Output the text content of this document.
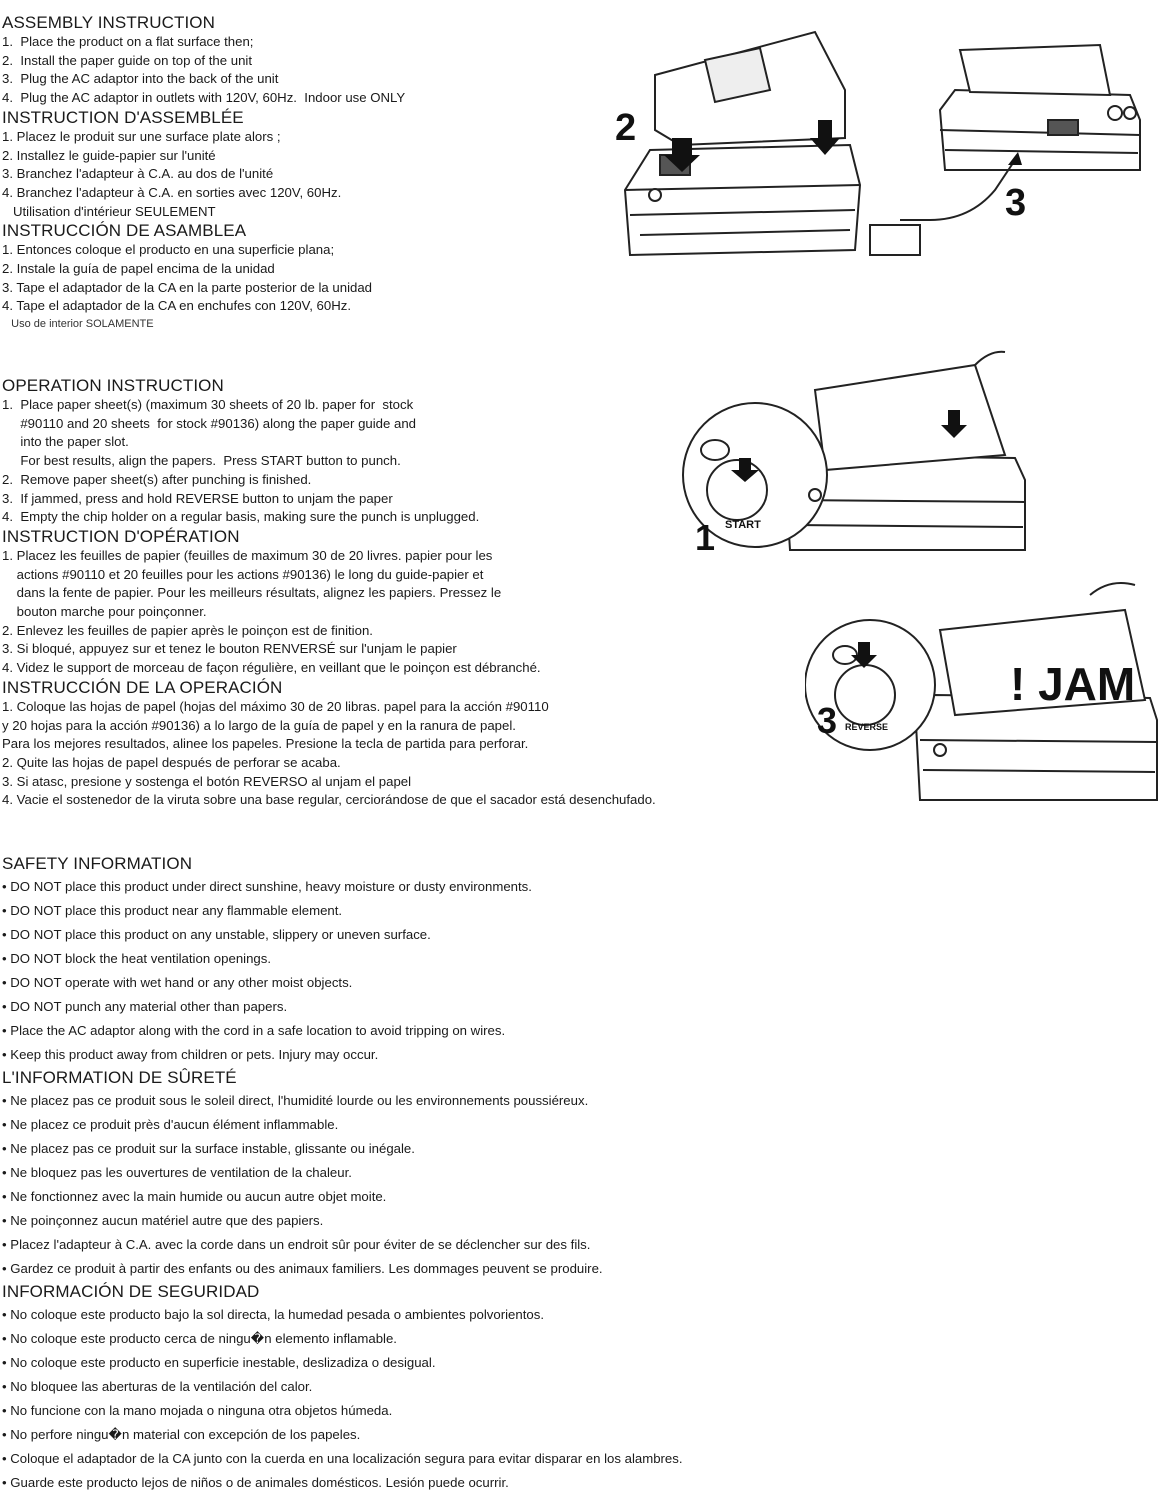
ASSEMBLY INSTRUCTION

1.  Place the product on a flat surface then;

2.  Install the paper guide on top of the unit

3.  Plug the AC adaptor into the back of the unit

4.  Plug the AC adaptor in outlets with 120V, 60Hz.  Indoor use ONLY

INSTRUCTION D'ASSEMBLÉE

1. Placez le produit sur une surface plate alors ;

2. Installez le guide-papier sur l'unité

3. Branchez l'adapteur à C.A. au dos de l'unité

4. Branchez l'adapteur à C.A. en sorties avec 120V, 60Hz.

Utilisation d'intérieur SEULEMENT

INSTRUCCIÓN DE ASAMBLEA

1. Entonces coloque el producto en una superficie plana;

2. Instale la guía de papel encima de la unidad

3. Tape el adaptador de la CA en la parte posterior de la unidad

4. Tape el adaptador de la CA en enchufes con 120V, 60Hz.

Uso de interior SOLAMENTE

OPERATION INSTRUCTION

1.  Place paper sheet(s) (maximum 30 sheets of 20 lb. paper for  stock

#90110 and 20 sheets  for stock #90136) along the paper guide and

into the paper slot.

For best results, align the papers.  Press START button to punch.

2.  Remove paper sheet(s) after punching is finished.

3.  If jammed, press and hold REVERSE button to unjam the paper

4.  Empty the chip holder on a regular basis, making sure the punch is unplugged.

INSTRUCTION D'OPÉRATION

1. Placez les feuilles de papier (feuilles de maximum 30 de 20 livres. papier pour les

actions #90110 et 20 feuilles pour les actions #90136) le long du guide-papier et

dans la fente de papier. Pour les meilleurs résultats, alignez les papiers. Pressez le

bouton marche pour poinçonner.

2. Enlevez les feuilles de papier après le poinçon est de finition.

3. Si bloqué, appuyez sur et tenez le bouton RENVERSÉ sur l'unjam le papier

4. Videz le support de morceau de façon régulière, en veillant que le poinçon est débranché.

INSTRUCCIÓN DE LA OPERACIÓN

1. Coloque las hojas de papel (hojas del máximo 30 de 20 libras. papel para la acción #90110

y 20 hojas para la acción #90136) a lo largo de la guía de papel y en la ranura de papel.

Para los mejores resultados, alinee los papeles. Presione la tecla de partida para perforar.

2. Quite las hojas de papel después de perforar se acaba.

3. Si atasc, presione y sostenga el botón REVERSO al unjam el papel

4. Vacie el sostenedor de la viruta sobre una base regular, cerciorándose de que el sacador está desenchufado.

SAFETY INFORMATION

• DO NOT place this product under direct sunshine, heavy moisture or dusty environments.

• DO NOT place this product near any flammable element.

• DO NOT place this product on any unstable, slippery or uneven surface.

• DO NOT block the heat ventilation openings.

• DO NOT operate with wet hand or any other moist objects.

• DO NOT punch any material other than papers.

• Place the AC adaptor along with the cord in a safe location to avoid tripping on wires.

• Keep this product away from children or pets. Injury may occur.

L'INFORMATION DE SÛRETÉ

• Ne placez pas ce produit sous le soleil direct, l'humidité lourde ou les environnements poussiéreux.

• Ne placez ce produit près d'aucun élément inflammable.

• Ne placez pas ce produit sur la surface instable, glissante ou inégale.

• Ne bloquez pas les ouvertures de ventilation de la chaleur.

• Ne fonctionnez avec la main humide ou aucun autre objet moite.

• Ne poinçonnez aucun matériel autre que des papiers.

• Placez l'adapteur à C.A. avec la corde dans un endroit sûr pour éviter de se déclencher sur des fils.

• Gardez ce produit à partir des enfants ou des animaux familiers. Les dommages peuvent se produire.

INFORMACIÓN DE SEGURIDAD

• No coloque este producto bajo la sol directa, la humedad pesada o ambientes polvorientos.

• No coloque este producto cerca de ningu�n elemento inflamable.

• No coloque este producto en superficie inestable, deslizadiza o desigual.

• No bloquee las aberturas de la ventilación del calor.

• No funcione con la mano mojada o ninguna otra objetos húmeda.

• No perfore ningu�n material con excepción de los papeles.

• Coloque el adaptador de la CA junto con la cuerda en una localización segura para evitar disparar en los alambres.

• Guarde este producto lejos de niños o de animales domésticos. Lesión puede ocurrir.

2
3
START
1
REVERSE
! JAM
3
